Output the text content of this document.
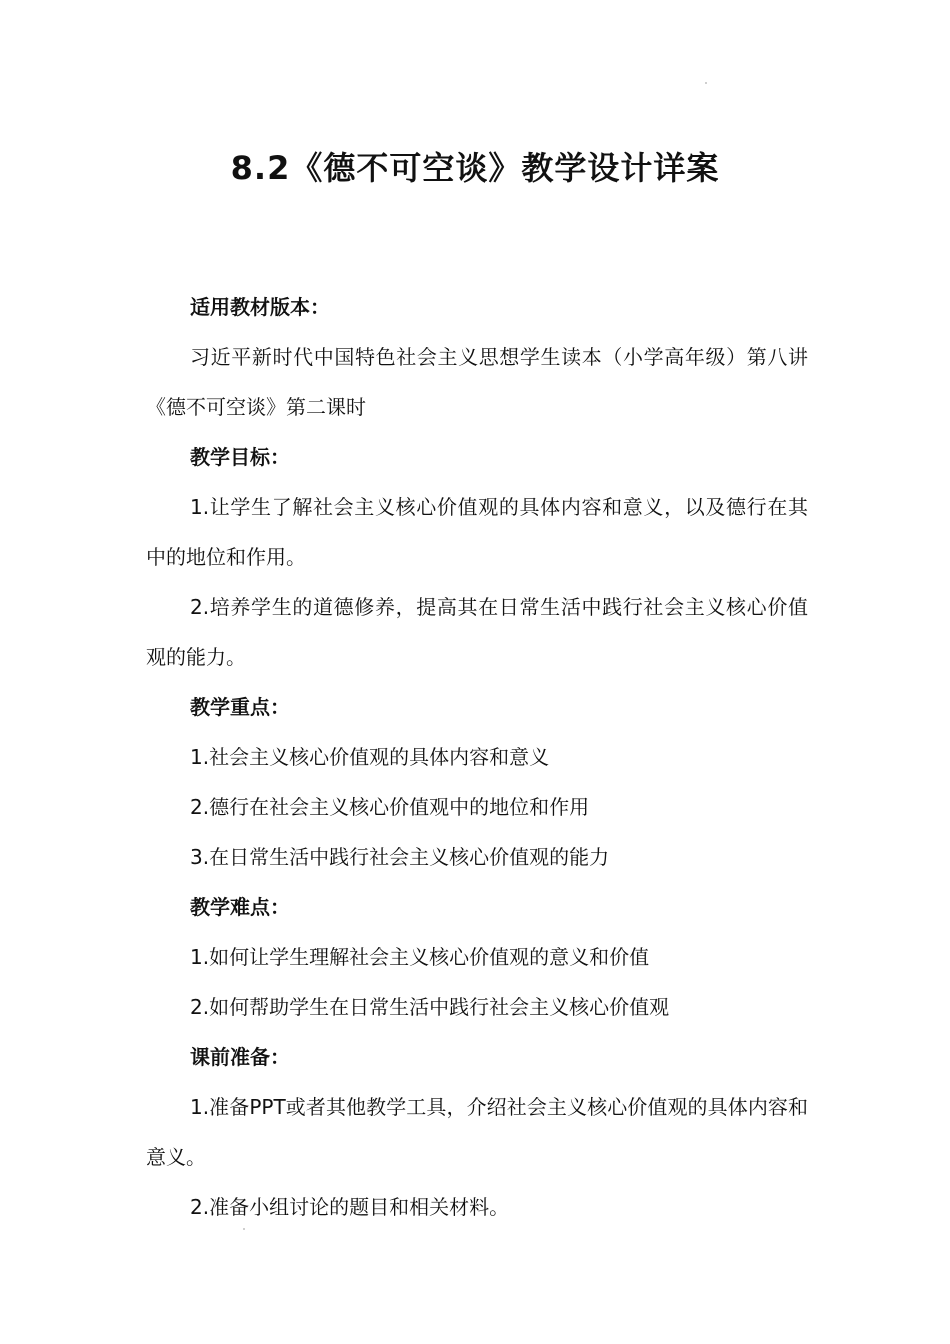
8.2《德不可空谈》教学设计详案

适用教材版本：

习近平新时代中国特色社会主义思想学生读本（小学高年级）第八讲《德不可空谈》第二课时

教学目标：

1.让学生了解社会主义核心价值观的具体内容和意义，以及德行在其中的地位和作用。

2.培养学生的道德修养，提高其在日常生活中践行社会主义核心价值观的能力。

教学重点：

1.社会主义核心价值观的具体内容和意义

2.德行在社会主义核心价值观中的地位和作用

3.在日常生活中践行社会主义核心价值观的能力

教学难点：

1.如何让学生理解社会主义核心价值观的意义和价值

2.如何帮助学生在日常生活中践行社会主义核心价值观

课前准备：

1.准备PPT或者其他教学工具，介绍社会主义核心价值观的具体内容和意义。

2.准备小组讨论的题目和相关材料。
